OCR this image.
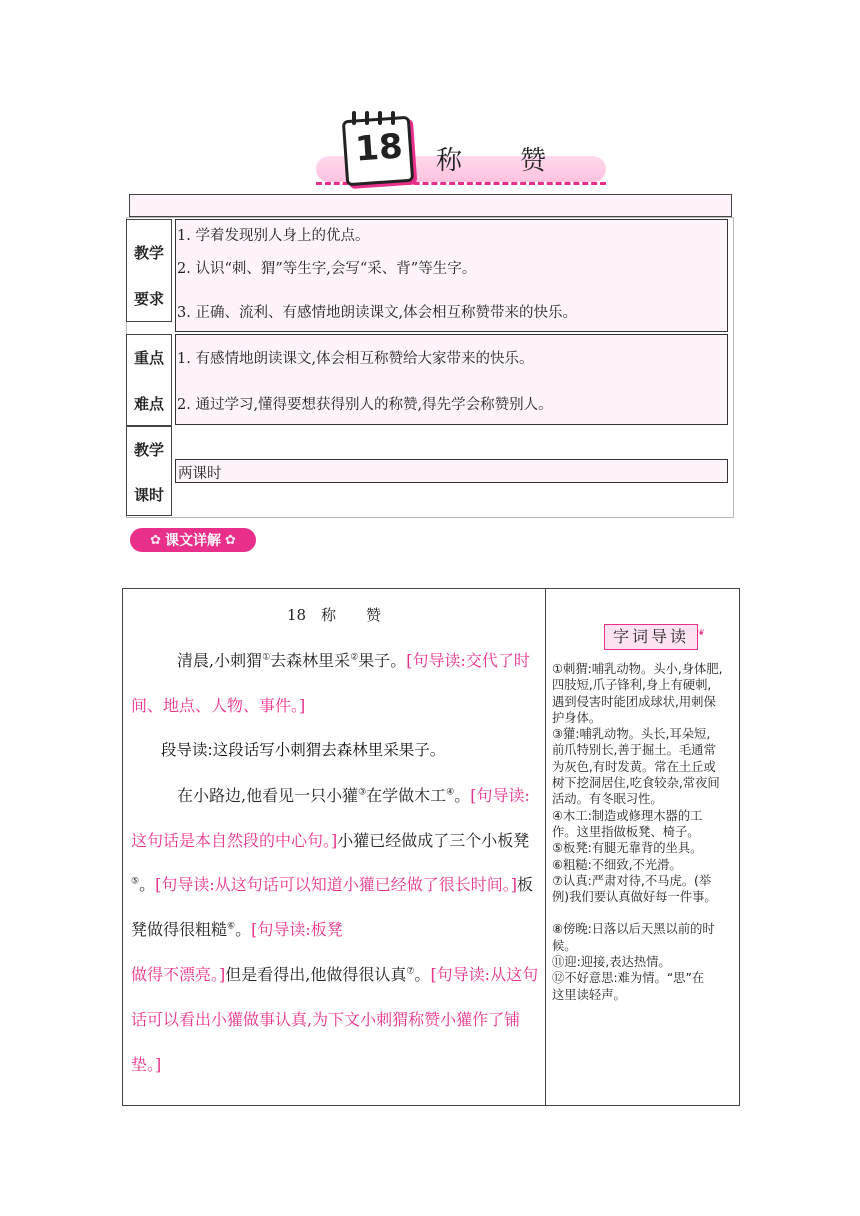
18 称　　赞
教学
要求
1. 学着发现别人身上的优点。
2. 认识“刺、猬”等生字,会写“采、背”等生字。
3. 正确、流利、有感情地朗读课文,体会相互称赞带来的快乐。
重点
难点
1. 有感情地朗读课文,体会相互称赞给大家带来的快乐。
2. 通过学习,懂得要想获得别人的称赞,得先学会称赞别人。
教学
课时
两课时
✿ 课文详解 ✿
18　称　　赞
清晨,小刺猬①去森林里采②果子。[句导读:交代了时
间、地点、人物、事件。]
段导读:这段话写小刺猬去森林里采果子。
在小路边,他看见一只小獾③在学做木工④。[句导读:
这句话是本自然段的中心句。]小獾已经做成了三个小板凳
⑤。[句导读:从这句话可以知道小獾已经做了很长时间。]板
凳做得很粗糙⑥。[句导读:板凳
做得不漂亮。]但是看得出,他做得很认真⑦。[句导读:从这句
话可以看出小獾做事认真,为下文小刺猬称赞小獾作了铺
垫。]
字词导读	❦
①刺猬:哺乳动物。头小,身体肥,
四肢短,爪子锋利,身上有硬刺,
遇到侵害时能团成球状,用刺保
护身体。
③獾:哺乳动物。头长,耳朵短,
前爪特别长,善于掘土。毛通常
为灰色,有时发黄。常在土丘或
树下挖洞居住,吃食较杂,常夜间
活动。有冬眠习性。
④木工:制造或修理木器的工
作。这里指做板凳、椅子。
⑤板凳:有腿无靠背的坐具。
⑥粗糙:不细致,不光滑。
⑦认真:严肃对待,不马虎。(举
例)我们要认真做好每一件事。
⑧傍晚:日落以后天黑以前的时
候。
⑪迎:迎接,表达热情。
⑫不好意思:难为情。“思”在
这里读轻声。
